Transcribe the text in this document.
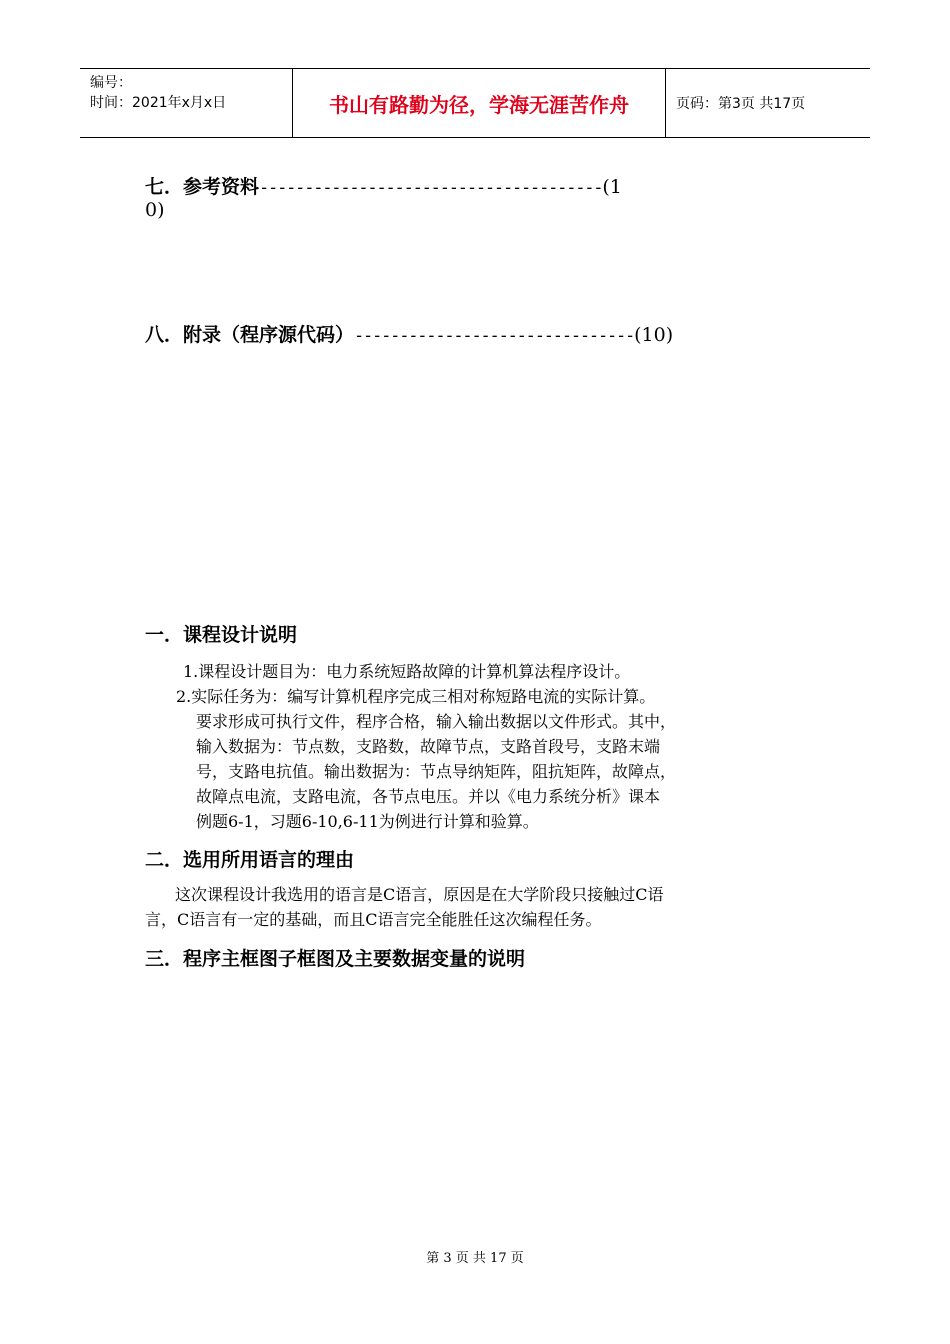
编号：
时间：2021年x月x日	书山有路勤为径，学海无涯苦作舟	页码：第3页 共17页
七．参考资料--------------------------------------(1
0)
八．附录（程序源代码）-------------------------------(10)
一．课程设计说明
1.课程设计题目为：电力系统短路故障的计算机算法程序设计。
2.实际任务为：编写计算机程序完成三相对称短路电流的实际计算。
要求形成可执行文件，程序合格，输入输出数据以文件形式。其中，
输入数据为：节点数，支路数，故障节点，支路首段号，支路末端
号，支路电抗值。输出数据为：节点导纳矩阵，阻抗矩阵，故障点，
故障点电流，支路电流，各节点电压。并以《电力系统分析》课本
例题6-1，习题6-10,6-11为例进行计算和验算。
二．选用所用语言的理由
这次课程设计我选用的语言是C语言，原因是在大学阶段只接触过C语
言，C语言有一定的基础，而且C语言完全能胜任这次编程任务。
三．程序主框图子框图及主要数据变量的说明
第 3 页 共 17 页
